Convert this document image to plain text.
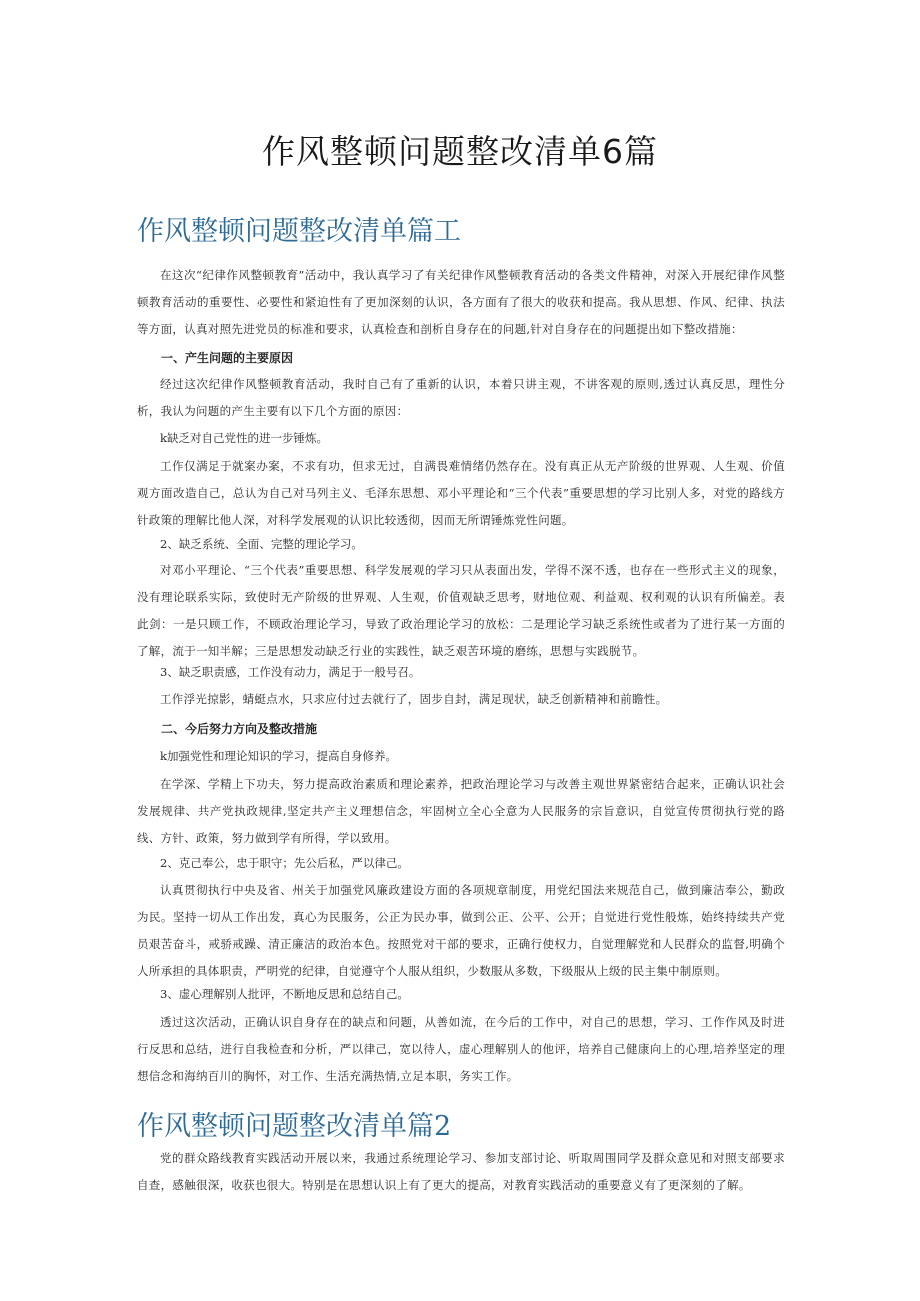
作风整顿问题整改清单6篇
作风整顿问题整改清单篇工

在这次“纪律作风整顿教育”活动中，我认真学习了有关纪律作风整顿教育活动的各类文件精神，对深入开展纪律作风整顿教育活动的重要性、必要性和紧迫性有了更加深刻的认识，各方面有了很大的收获和提高。我从思想、作风、纪律、执法等方面，认真对照先进党员的标准和要求，认真检查和剖析自身存在的问题,针对自身存在的问题提出如下整改措施：

一、产生问题的主要原因

经过这次纪律作风整顿教育活动，我时自己有了重新的认识，本着只讲主观，不讲客观的原则,透过认真反思，理性分析，我认为问题的产生主要有以下几个方面的原因：

k缺乏对自己党性的进一步锤炼。

工作仅满足于就案办案，不求有功，但求无过，自满畏难情绪仍然存在。没有真正从无产阶级的世界观、人生观、价值观方面改造自己，总认为自己对马列主义、毛泽东思想、邓小平理论和“三个代表”重要思想的学习比别人多，对党的路线方针政策的理解比他人深，对科学发展观的认识比较透彻，因而无所谓锤炼党性问题。

2、缺乏系统、全面、完整的理论学习。

对邓小平理论、“三个代表”重要思想、科学发展观的学习只从表面出发，学得不深不透，也存在一些形式主义的现象，没有理论联系实际，致使时无产阶级的世界观、人生观，价值观缺乏思考，财地位观、利益观、权利观的认识有所偏差。表此剑：一是只顾工作，不顾政治理论学习，导致了政治理论学习的放松：二是理论学习缺乏系统性或者为了进行某一方面的了解，流于一知半解；三是思想发动缺乏行业的实践性，缺乏艰苦环境的磨练，思想与实践脱节。

3、缺乏职责感，工作没有动力，满足于一般号召。

工作浮光掠影，蜻蜓点水，只求应付过去就行了，固步自封，满足现状，缺乏创新精神和前瞻性。

二、今后努力方向及整改措施

k加强党性和理论知识的学习，提高自身修养。

在学深、学精上下功夫，努力提高政治素质和理论素养，把政治理论学习与改善主观世界紧密结合起来，正确认识社会发展规律、共产党执政规律,坚定共产主义理想信念，牢固树立全心全意为人民服务的宗旨意识，自觉宣传贯彻执行党的路线、方针、政策，努力做到学有所得，学以致用。

2、克己奉公，忠于职守；先公后私，严以律己。

认真贯彻执行中央及省、州关于加强党风廉政建设方面的各项规章制度，用党纪国法来规范自己，做到廉洁奉公，勤政为民。坚持一切从工作出发，真心为民服务，公正为民办事，做到公正、公平、公开；自觉进行党性般炼，始终持续共产党员艰苦奋斗，戒骄戒躁、清正廉洁的政治本色。按照党对干部的要求，正确行使权力，自觉理解党和人民群众的监督,明确个人所承担的具体职责，严明党的纪律，自觉遵守个人服从组织，少数服从多数，下级服从上级的民主集中制原则。

3、虚心理解别人批评，不断地反思和总结自己。

透过这次活动，正确认识自身存在的缺点和问题，从善如流，在今后的工作中，对自己的思想，学习、工作作风及时进行反思和总结，进行自我检查和分析，严以律己，宽以待人，虚心理解别人的他评，培养自己健康向上的心理,培养坚定的理想信念和海纳百川的胸怀，对工作、生活充满热情,立足本职，务实工作。

作风整顿问题整改清单篇2

党的群众路线教育实践活动开展以来，我通过系统理论学习、参加支部讨论、听取周围同学及群众意见和对照支部要求自查，感触很深，收获也很大。特别是在思想认识上有了更大的提高，对教育实践活动的重要意义有了更深刻的了解。
